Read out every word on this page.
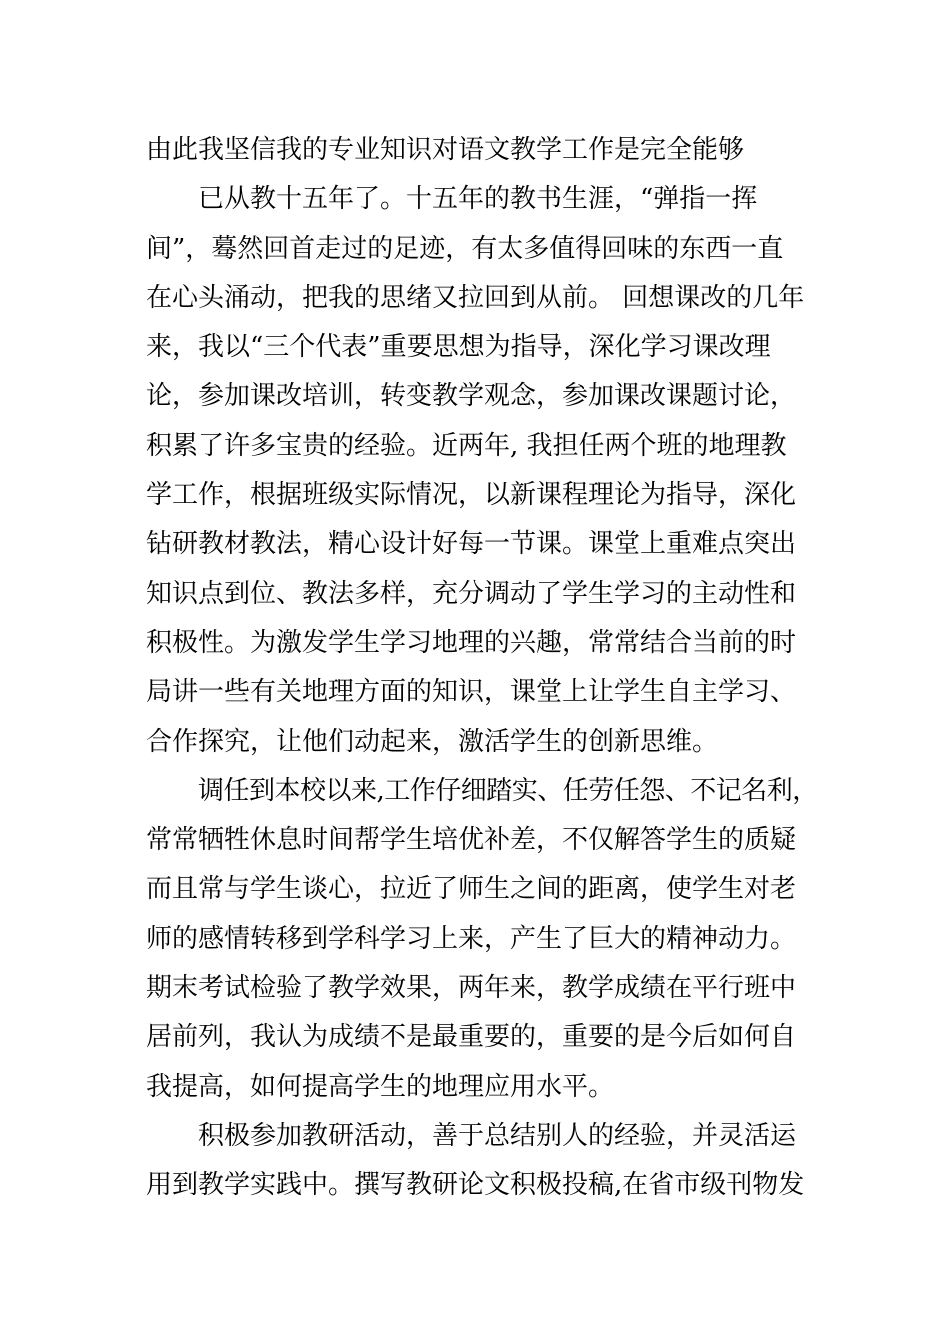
由此我坚信我的专业知识对语文教学工作是完全能够
已从教十五年了。十五年的教书生涯，“弹指一挥
间”，蓦然回首走过的足迹，有太多值得回味的东西一直
在心头涌动，把我的思绪又拉回到从前。 回想课改的几年
来，我以“三个代表”重要思想为指导，深化学习课改理
论，参加课改培训，转变教学观念，参加课改课题讨论，
积累了许多宝贵的经验。近两年, 我担任两个班的地理教
学工作，根据班级实际情况，以新课程理论为指导，深化
钻研教材教法，精心设计好每一节课。课堂上重难点突出
知识点到位、教法多样，充分调动了学生学习的主动性和
积极性。为激发学生学习地理的兴趣，常常结合当前的时
局讲一些有关地理方面的知识，课堂上让学生自主学习、
合作探究，让他们动起来，激活学生的创新思维。
调任到本校以来,工作仔细踏实、任劳任怨、不记名利，
常常牺牲休息时间帮学生培优补差，不仅解答学生的质疑
而且常与学生谈心，拉近了师生之间的距离，使学生对老
师的感情转移到学科学习上来，产生了巨大的精神动力。
期末考试检验了教学效果，两年来，教学成绩在平行班中
居前列，我认为成绩不是最重要的，重要的是今后如何自
我提高，如何提高学生的地理应用水平。
积极参加教研活动，善于总结别人的经验，并灵活运
用到教学实践中。撰写教研论文积极投稿,在省市级刊物发
